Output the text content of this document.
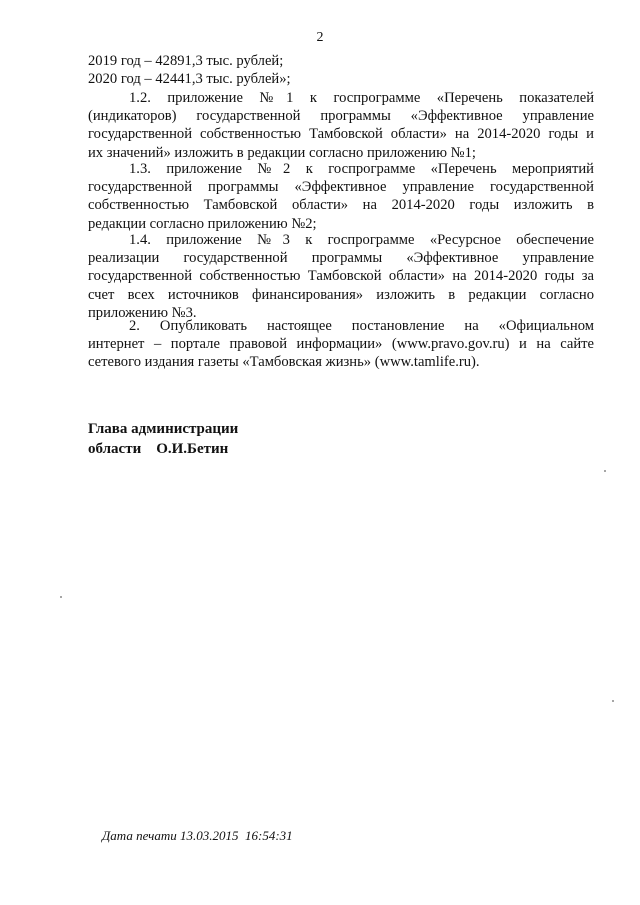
2
2019 год – 42891,3 тыс. рублей;
2020 год – 42441,3 тыс. рублей»;
1.2. приложение №1 к госпрограмме «Перечень показателей
(индикаторов) государственной программы «Эффективное управление
государственной собственностью Тамбовской области» на 2014-2020 годы и
их значений» изложить в редакции согласно приложению №1;
1.3. приложение №2 к госпрограмме «Перечень мероприятий
государственной программы «Эффективное управление государственной
собственностью Тамбовской области» на 2014-2020 годы изложить в
редакции согласно приложению №2;
1.4. приложение №3 к госпрограмме «Ресурсное обеспечение
реализации государственной программы «Эффективное управление
государственной собственностью Тамбовской области» на 2014-2020 годы за
счет всех источников финансирования» изложить в редакции согласно
приложению №3.
2. Опубликовать настоящее постановление на «Официальном
интернет – портале правовой информации» (www.pravo.gov.ru) и на сайте
сетевого издания газеты «Тамбовская жизнь» (www.tamlife.ru).
Глава администрации
области    О.И.Бетин
Дата печати 13.03.2015  16:54:31
